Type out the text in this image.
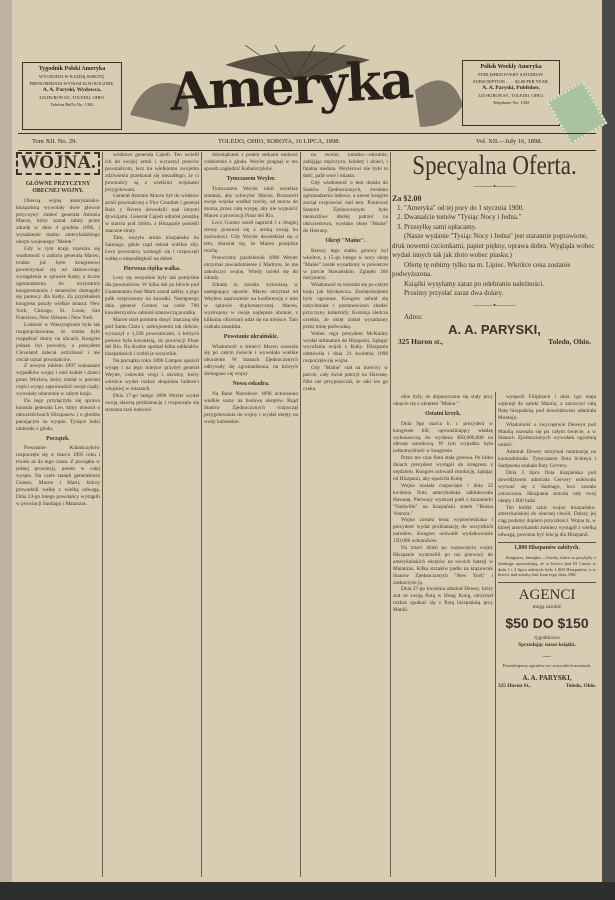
Tygodnik Polski Ameryka
WYCHODZI W KAŻDĄ SOBOTĘ.
PRENUMERATA WYNOSI $2.00 ROCZNIE.
A. A. Paryski, Wydawca,
325 HURON ST., TOLEDO, OHIO.
Telefon Bell'a No. 1302	Ameryka	Polish Weekly Ameryka
PUBLISHED EVERY SATURDAY.
SUBSCRIPTION . . . . $2.00 PER YEAR.
A. A. Paryski, Publisher,
325 HURON ST., TOLEDO, OHIO.
Telephone No. 1302
Tom XII. No. 29.	TOLEDO, OHIO, SOBOTA, 16 LIPCA, 1898.	Vol. XII.—July 16, 1898.
WOJNA.
GŁÓWNE PRZYCZYNY OBECNEJ WOJNY.

Obecną wojnę amerykańsko-hiszpańską wywołały dwie główne przyczyny: śmierć generała Antonia Maceo, który został zabity przez zdradę w dniu 4 grudnia 1896, i wysadzenie mainu amerykańskiego okrętu wojennego "Maine."

Gdy w tym kraju rozeszła się wiadomość o zabiciu generała Maceo, trudno już było kongresowi powstrzymać się od stanowczego wystąpienia w sprawie Kuby, a liczne zgromadzenia do wszystkich kongresmanów i senatorów domagały się pomocy dla Kuby. Za przykładem kongresu poszły wielkie miasta: New York, Chicago, St. Louis, San Francisco, New Orleans i New York.

Ludność w Waszyngtonie była tak rozgorączkowana, że trzeba było rozpędzać tłumy na ulicach. Kongres jednak był powolny, a prezydent Cleveland zalecał ostrożność i nie chciał uznać powstańców.

Z nowym rokiem 1897 wskazanie wypadków wojny i rzeź kobiet i dzieci przez Weylera, który zdołał w pewnej części wyspy zaprowadzić swoje rządy, wywołały oburzenie w całym kraju.

Do tego przyłączyła się sprawa konsula generała Lee, który donosił o okrucieństwach Hiszpanów i o głodzie panującym na wyspie. Tysiące ludzi umierało z głodu.

Początek.

Powstanie Kubańczyków rozpoczęło się w marcu 1895 roku i trwało aż do tego czasu. Z początku w jednej prowincji, potem w całej wyspie. Na czele stanęli generałowie Gomez, Maceo i Marti, którzy prowadzili walkę z wielką odwagą. Dnia 24-go lutego powstańcy wystąpili w prowincji Santiago i Matanzas.

wództwo generała Cajedi. Ten wcielił ich do swojej armii i wyruszył przeciw powstańcom, lecz ku wielkiemu swojemu zdziwieniu przekonał się niezadługo, że ci powstańcy są z wielkimi wojskami przygotowani.

Generał Antonio Maceo był do wódzów armii powstańczej z Flor Crombet i generał Ruiz y Rivera dowodzili nad innymi dywizjami. Generał Cajedi odniósł porażkę w starciu pod Jobito, a Hiszpanie ponieśli znaczne straty.

Tam, ruszyła armia hiszpańska ku Santiago, gdzie rząd zebrał wielkie siły. Lecz powstańcy wzmogli się i rozpoczęli walkę o niepodległość na dobre.

Pierwsza ciężka walka.

Losy się wszystkie były tak pomyślne dla powstańców. W kilka dni po bitwie pod Guantanamo José Marti został zabity, a jego pułk rozproszony na kawałki. Następnego dnia generał Gomez na czele 700 kawalerzystów odniósł stanowczą porażkę.

Maceo stoił pomimo dosyć znaczną siłę pod Santa Clara i, uzbrojonemi tak dobrze, wyruszył z 1,500 powstańcami, z których połowa była kawalerią, do prowincji Pinar del Rio. Na drodze spotkał kilka oddziałów hiszpańskich i rozbił je wszystkie.

Na początku roku 1896 Campos opuścił wyspę i na jego miejsce przybył generał Weyler, człowiek srogi i okrutny, który wkrótce wydał rozkaz skupienia ludności wiejskiej w miastach.

Dnia 17-go lutego 1896 Weyler wydał swoją sławną proklamację i rozpoczęła się straszna rzeź ludności.

dziesiątkami z potem setkami umierać codziennie z głodu. Weyler pragnął w ten sposób zagłodzić Kubańczyków.

Tymczasem Weyler.

Tymczasem Weyler robił wszelkie starania, aby schwytać Maceo. Rozstawił swoje wojska wzdłuż trochy, od morza do morza, przez całą wyspę, aby nie wypuścić Maceo z prowincji Pinar del Rio.

Lecz Gomez szedł naprzód i z drugiej strony posuwał się z armią swoją ku zachodowi. Gdy Weyler dowiedział się o tem, obawiał się, że Maceo przejdzie trochę.

Przewrotny październik 1896 Weyler otrzymał zawiadomienie z Madrytu, że ma zakończyć wojnę. Wtedy uciekł się do zdrady.

Zdrada ta została wykonaną w następujący sposób: Maceo otrzymał od Weylera zaproszenie na konferencję z nim w sprawie dyplomatycznej. Maceo, wystrojony w swoje najlepsze ubranie, z kilkoma oficerami udał się na miejsce. Tam czekała zasadzka.

Powstanie ukraińskie.

Wiadomość o śmierci Maceo rozeszła się po całym świecie i wywołała wielkie oburzenie. W Stanach Zjednoczonych odbywały się zgromadzenia, na których domagano się wojny.

Nowa eskadra.

Na Bane Narodowe 1896 uchwalono wielkie sumy na budowę okrętów. Rząd Stanów Zjednoczonych rozpoczął przygotowania do wojny i wysłał okręty na wody kubańskie.

na swoim rumaku—okrutnie, zabijając mężczyzn, kobiety i dzieci, i fatalna niedola. Weylerowi nie było to dość, palił wsie i miasta.

Gdy wiadomość o tem doszła do Stanów Zjednoczonych, zwołano zgromadzenia ludowe, a nawet kongres zaczął rozprawiać nad tem. Ponieważ Stanom Zjednoczonym było niemożliwe dłużej patrzeć na okrucieństwa, wysłano okręt "Maine" do Hawany.

Okręt "Maine".

Rzeszy tego statku gotowy był wkrótce, a 15-go lutego w nocy okręt "Maine" został wysadzony w powietrze w porcie Hawańskim. Zginęło 266 marynarzy.

Wiadomość ta rozeszła się po całym kraju jak błyskawica. Zaniepokojenie było ogromne. Kongres zebrał się natychmiast i postanowiono zbadać przyczyny katastrofy. Komisja śledcza orzekła, że okręt został wysadzony przez minę podwodną.

Wobec tego prezydent McKinley wysłał ultimatum do Hiszpanii, żądając wycofania wojsk z Kuby. Hiszpania odmówiła i dnia 21 kwietnia 1898 rozpoczęła się wojna.

Gdy "Maine" stał na kotwicy w porcie, cały świat patrzył na Hawanę. Nikt nie przypuszczał, że taki los go czeka.

Specyalna Oferta.
⸻•⸻
Za $2.00
1. "Ameryka" od tej pory do 1 stycznia 1900.
2. Dwanaście tomów "Tysiąc Nocy i Jedna."
3. Przesyłkę sami opłacamy.

(Nasze wydanie "Tysiąc Nocy i Jedna" jest starannie poprawione, druk nowemi czcionkami, papier piękny, oprawa dobra. Wygląda wobec wydań innych tak jak złoto wobec piasku.)

Ofertę tę robimy tylko na m. Lipiec. Wkrótce cena zostanie podwyższona.

Książki wysyłamy zaraz po odebraniu należności.

Prosimy przysłać zaraz dwa dolary.

⸻•⸻
Adres:
A. A. PARYSKI,
325 Huron st.,	Toledo, Ohio.

obie były, że dopuszczone się stały przy okręcie się z okrętem "Maine."

Ostatni krzyk.

Dnia 9go marca b. r. prezydent w kongresie bill, upoważniający władzę wykonawczą do wydania $50,000,000 na obronę narodową. W tym wypadku była jednomyślność w kongresie.

Przez ten czas flota stała gotowa. Po kilku dniach prezydent wystąpił do kongresu z orędziem. Kongres uchwalił rezolucję, żądając od Hiszpanii, aby opuściła Kubę.

Wojna została rozpoczęta i dnia 22 kwietnia flota amerykańska zablokowała Hawanę. Pierwszy wystrzał padł z kanonierki "Nashville" na hiszpański statek "Buena Ventura."

Wojna została teraz wypowiedziana i prezydent wydał proklamację do wszystkich narodów. Kongres uchwalił wydatkowanie 150,000 ochotników.

Na trzeci dzień po rozpoczęciu wojny Hiszpanie wystrzelili po raz pierwszy do amerykańskich okrętów na swoich baterji w Matanzas. Kilka strzałów padło na krążownik Stanów Zjednoczonych "New York" i zaskoczyło ją.

Dnia 27-go kwietnia admirał Dewey, który stał ze swoją flotą w Hong Kong, otrzymał rozkaz spotkać się z flotą hiszpańską przy Manili.

wyspach Filipinach i dnia 1go maja wpłynął do zatoki Manila, a zniszczył całą flotę hiszpańską pod dowództwem admirała Montojo.

Wiadomość o zwycięstwie Deweya pod Manilą rozeszła się po całym świecie, a w Stanach Zjednoczonych wywołała ogromną radość.

Admirał Dewey otrzymał nominację na kontradmirała. Tymczasem flota Schleya i Sampsona szukała floty Cervery.

Dnia 3 lipca flota hiszpańska pod dowództwem admirała Cervery usiłowała wyrwać się z Santiago, lecz została zniszczona. Hiszpania straciła cały swój okręty i 600 ludzi.

Ten krótki szkic wojny hiszpańsko-amerykańskiej do obecnej chwili. Dalszy jej ciąg podamy dopiero przyszłości. Wojna ta, w której amerykański żołnierz wystąpił z wielką odwagą, powinna być lekcją dla Hiszpanii.

1,800 Hiszpanów zabitych.

Kingston, Jamajka.—Osoby, które tu przybyły z Santiago opowiadają, że w bitwie pod El Caney w dniu 1 i 2 lipca zabitych było 1,800 Hiszpanów, a w bitwie nad zatoką San Juan tego dnia, 800.

AGENCI
mogą zarobić
$50 DO $150
tygodniowo
Sprzedając nasze książki.
—
Potrzebujemy agentów we wszystkich miastach.
A. A. PARYSKI,
325 Huron St.,	Toledo, Ohio.
